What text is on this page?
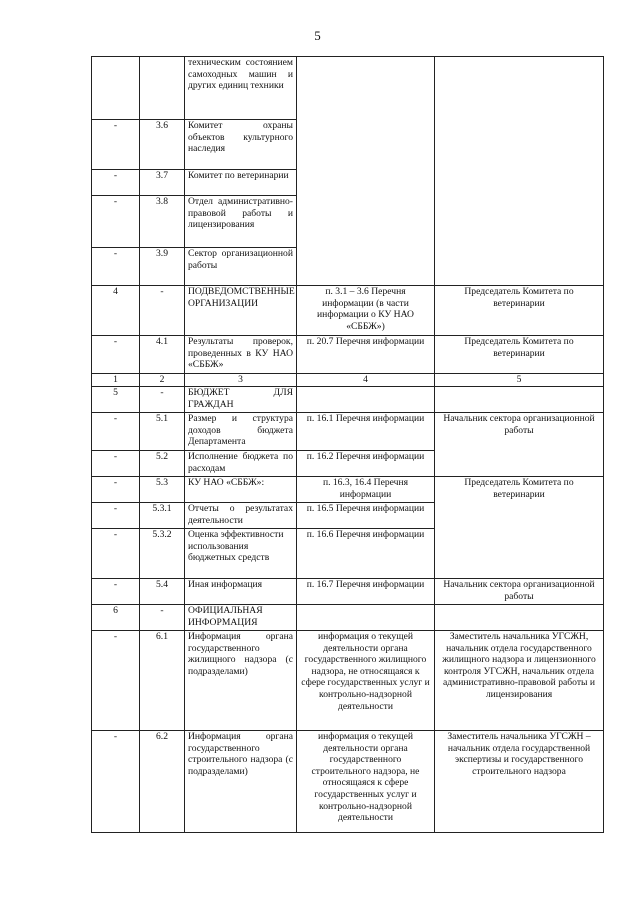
5
		техническим состоянием самоходных машин и других единиц техники		
-	3.6	Комитет охраны объектов культурного наследия		
-	3.7	Комитет по ветеринарии		
-	3.8	Отдел административно-правовой работы и лицензирования		
-	3.9	Сектор организационной работы		
4	-	ПОДВЕДОМСТВЕННЫЕ ОРГАНИЗАЦИИ	п. 3.1 – 3.6 Перечня информации (в части информации о КУ НАО «СББЖ»)	Председатель Комитета по ветеринарии
-	4.1	Результаты проверок, проведенных в КУ НАО «СББЖ»	п. 20.7 Перечня информации	Председатель Комитета по ветеринарии
1	2	3	4	5
5	-	БЮДЖЕТ ДЛЯ ГРАЖДАН		
-	5.1	Размер и структура доходов бюджета Департамента	п. 16.1 Перечня информации	Начальник сектора организационной работы
-	5.2	Исполнение бюджета по расходам	п. 16.2 Перечня информации	
-	5.3	КУ НАО «СББЖ»:	п. 16.3, 16.4 Перечня информации	Председатель Комитета по ветеринарии
-	5.3.1	Отчеты о результатах деятельности	п. 16.5 Перечня информации	
-	5.3.2	Оценка эффективности использования бюджетных средств	п. 16.6 Перечня информации	
-	5.4	Иная информация	п. 16.7 Перечня информации	Начальник сектора организационной работы
6	-	ОФИЦИАЛЬНАЯ ИНФОРМАЦИЯ		
-	6.1	Информация органа государственного жилищного надзора (с подразделами)	информация о текущей деятельности органа государственного жилищного надзора, не относящаяся к сфере государственных услуг и контрольно-надзорной деятельности	Заместитель начальника УГСЖН, начальник отдела государственного жилищного надзора и лицензионного контроля УГСЖН, начальник отдела административно-правовой работы и лицензирования
-	6.2	Информация органа государственного строительного надзора (с подразделами)	информация о текущей деятельности органа государственного строительного надзора, не относящаяся к сфере государственных услуг и контрольно-надзорной деятельности	Заместитель начальника УГСЖН – начальник отдела государственной экспертизы и государственного строительного надзора
